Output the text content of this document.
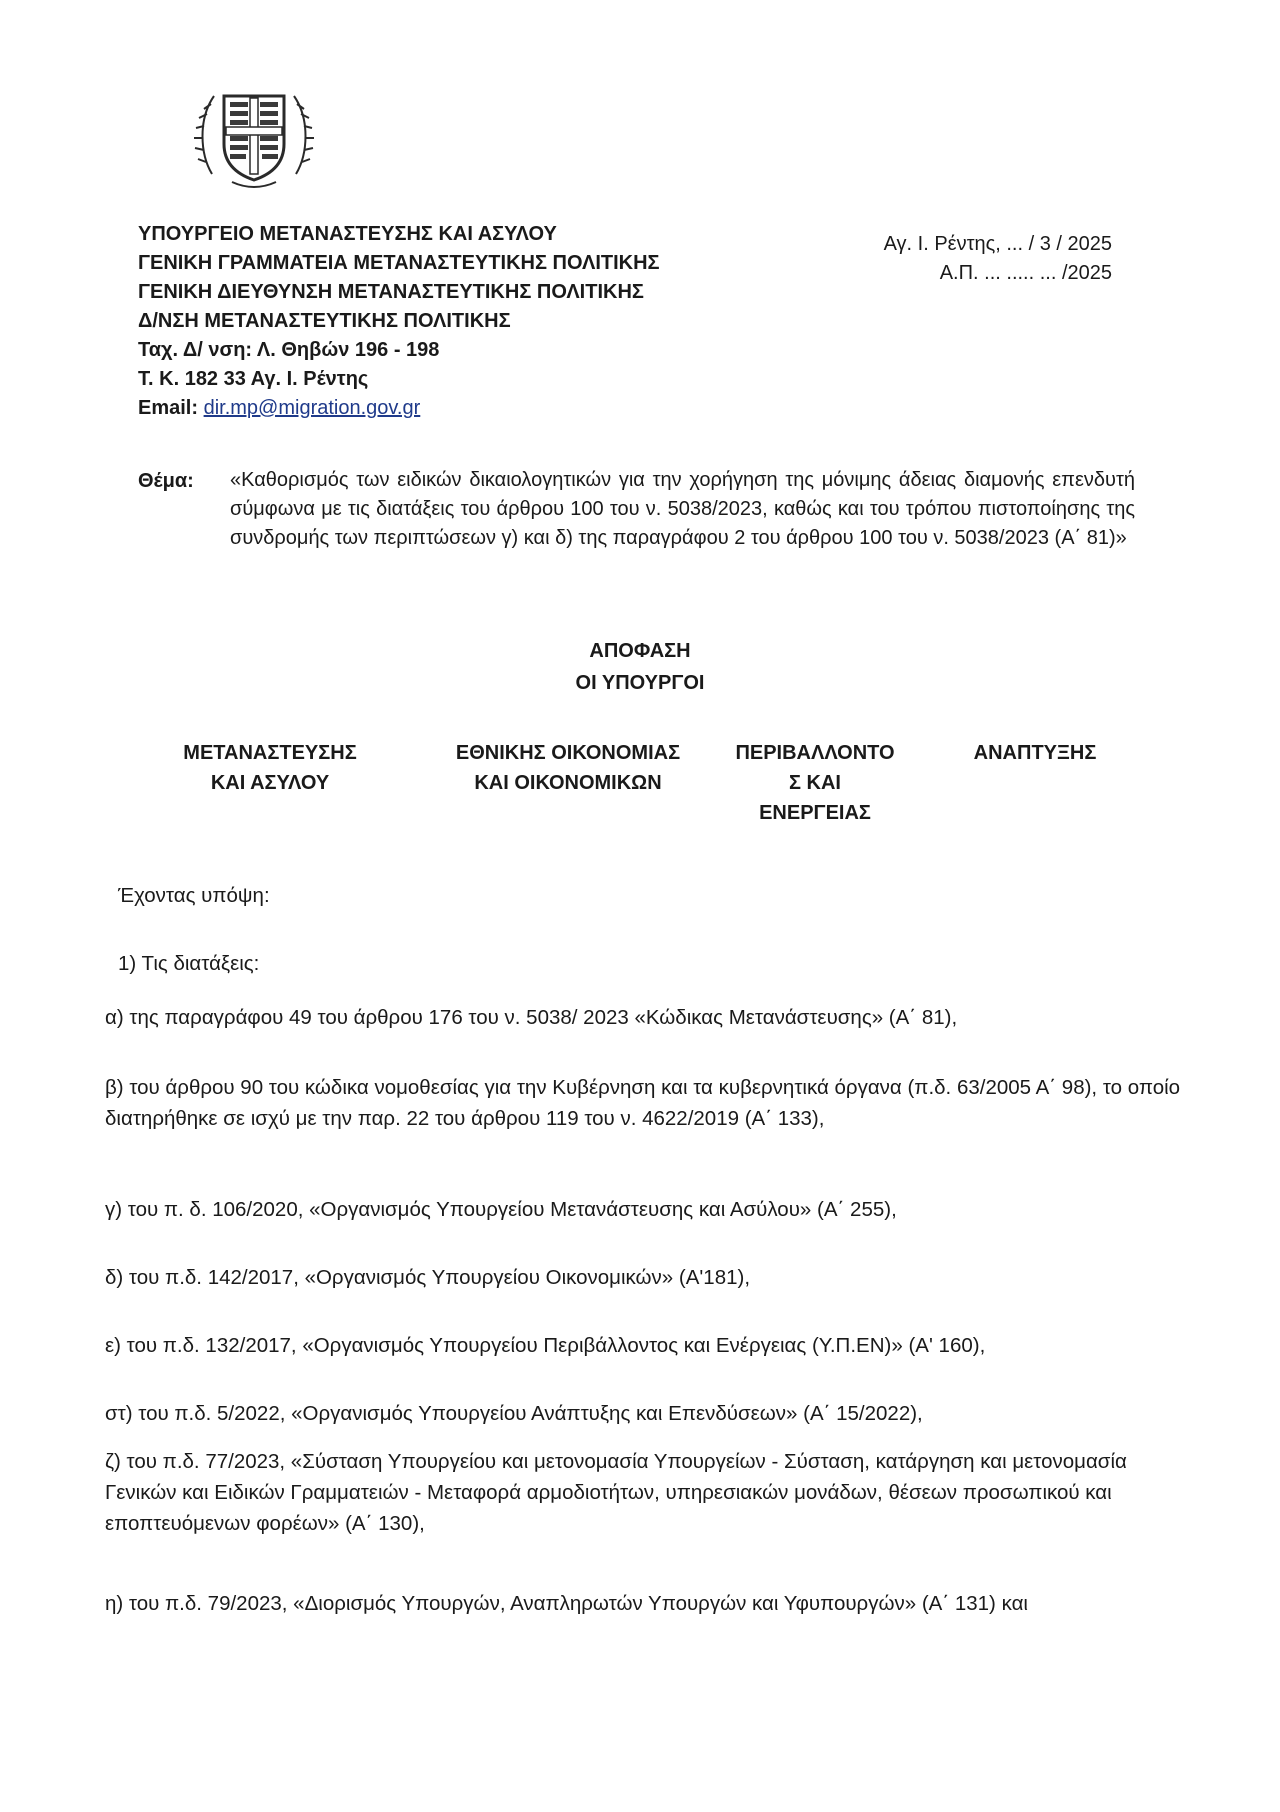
ΥΠΟΥΡΓΕΙΟ ΜΕΤΑΝΑΣΤΕΥΣΗΣ ΚΑΙ ΑΣΥΛΟΥ
ΓΕΝΙΚΗ ΓΡΑΜΜΑΤΕΙΑ ΜΕΤΑΝΑΣΤΕΥΤΙΚΗΣ ΠΟΛΙΤΙΚΗΣ
ΓΕΝΙΚΗ ΔΙΕΥΘΥΝΣΗ ΜΕΤΑΝΑΣΤΕΥΤΙΚΗΣ ΠΟΛΙΤΙΚΗΣ
Δ/ΝΣΗ ΜΕΤΑΝΑΣΤΕΥΤΙΚΗΣ ΠΟΛΙΤΙΚΗΣ
Ταχ. Δ/ νση: Λ. Θηβών 196 - 198
Τ. Κ. 182 33 Αγ. Ι. Ρέντης
Email: dir.mp@migration.gov.gr
Αγ. Ι. Ρέντης, ... / 3 / 2025
Α.Π. ... ..... ... /2025
Θέμα: «Καθορισμός των ειδικών δικαιολογητικών για την χορήγηση της μόνιμης άδειας διαμονής επενδυτή σύμφωνα με τις διατάξεις του άρθρου 100 του ν. 5038/2023, καθώς και του τρόπου πιστοποίησης της συνδρομής των περιπτώσεων γ) και δ) της παραγράφου 2 του άρθρου 100 του ν. 5038/2023 (Α΄ 81)»
ΑΠΟΦΑΣΗ
ΟΙ ΥΠΟΥΡΓΟΙ
ΜΕΤΑΝΑΣΤΕΥΣΗΣ
ΚΑΙ ΑΣΥΛΟΥ
ΕΘΝΙΚΗΣ ΟΙΚΟΝΟΜΙΑΣ
ΚΑΙ ΟΙΚΟΝΟΜΙΚΩΝ
ΠΕΡΙΒΑΛΛΟΝΤΟ
Σ ΚΑΙ
ΕΝΕΡΓΕΙΑΣ
ΑΝΑΠΤΥΞΗΣ
Έχοντας υπόψη:
1) Τις διατάξεις:
α) της παραγράφου 49 του άρθρου 176 του ν. 5038/ 2023 «Κώδικας Μετανάστευσης» (Α΄ 81),
β) του άρθρου 90 του κώδικα νομοθεσίας για την Κυβέρνηση και τα κυβερνητικά όργανα (π.δ. 63/2005 Α΄ 98), το οποίο διατηρήθηκε σε ισχύ με την παρ. 22 του άρθρου 119 του ν. 4622/2019 (Α΄ 133),
γ) του π. δ. 106/2020, «Οργανισμός Υπουργείου Μετανάστευσης και Ασύλου» (Α΄ 255),
δ) του π.δ. 142/2017, «Οργανισμός Υπουργείου Οικονομικών» (Α'181),
ε) του π.δ. 132/2017, «Οργανισμός Υπουργείου Περιβάλλοντος και Ενέργειας (Υ.Π.ΕΝ)» (Α' 160),
στ) του π.δ. 5/2022, «Οργανισμός Υπουργείου Ανάπτυξης και Επενδύσεων» (Α΄ 15/2022),
ζ) του π.δ. 77/2023, «Σύσταση Υπουργείου και μετονομασία Υπουργείων - Σύσταση, κατάργηση και μετονομασία Γενικών και Ειδικών Γραμματειών - Μεταφορά αρμοδιοτήτων, υπηρεσιακών μονάδων, θέσεων προσωπικού και εποπτευόμενων φορέων» (Α΄ 130),
η) του π.δ. 79/2023, «Διορισμός Υπουργών, Αναπληρωτών Υπουργών και Υφυπουργών» (Α΄ 131) και
